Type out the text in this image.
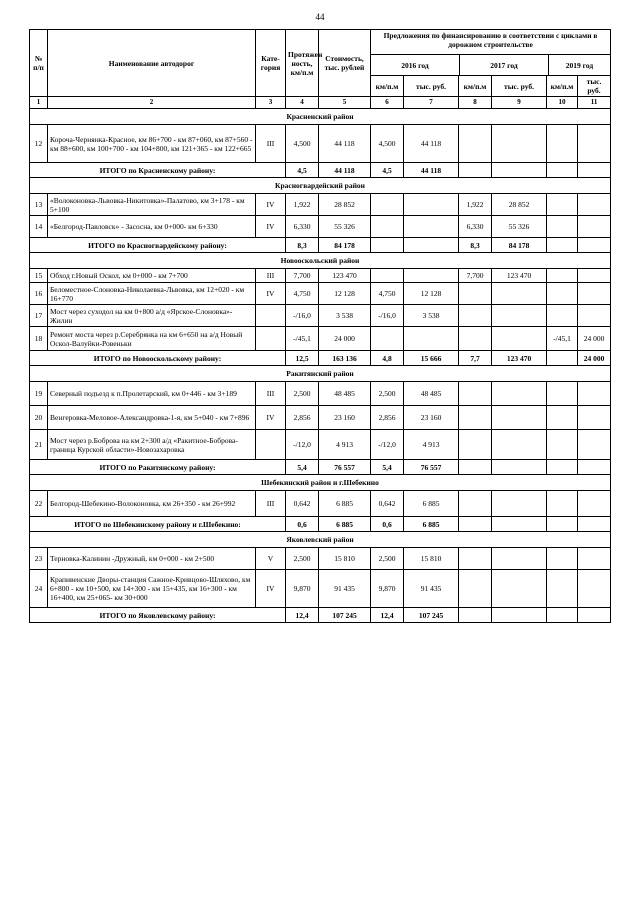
44
№ п/п	Наименование автодорог	Кате-гория	Протяжен ность, км/п.м	Стоимость, тыс. рублей	Предложения по финансированию в соответствии с циклами в дорожном строительстве
2016 год 2017 год 2019 год					

					км/п.м	тыс. руб.	км/п.м	тыс. руб.	км/п.м	тыс. руб.
1	2	3	4	5	6	7	8	9	10	11
Красненский район										
12	Короча-Чернянка-Красное, км 86+700 - км 87+060, км 87+560 - км 88+600, км 100+700 - км 104+800, км 121+365 - км 122+665	III	4,500	44 118	4,500	44 118				
ИТОГО по Красненскому району:			4,5	44 118	4,5	44 118				
Красногвардейский район										
13	«Волоконовка-Львовка-Никитовка»-Палатово, км 3+178 - км 5+100	IV	1,922	28 852			1,922	28 852		
14	«Белгород-Павловск» - Засосна, км 0+000- км 6+330	IV	6,330	55 326			6,330	55 326		
ИТОГО по Красногвардейскому району:			8,3	84 178			8,3	84 178		
Новооскольский район										
15	Обход г.Новый Оскол, км 0+000 - км 7+700	III	7,700	123 470			7,700	123 470		
16	Беломестное-Слоновка-Николаевка-Львовка, км 12+020 - км 16+770	IV	4,750	12 128	4,750	12 128				
17	Мост через суходол на км 0+800 а/д «Ярское-Слоновка»-Жилин		-/16,0	3 538	-/16,0	3 538				
18	Ремонт моста через р.Серебрянка на км 6+650 на а/д Новый Оскол-Валуйки-Ровеньки		-/45,1	24 000					-/45,1	24 000
ИТОГО по Новооскольскому району:			12,5	163 136	4,8	15 666	7,7	123 470		24 000
Ракитянский район										
19	Северный подъезд к п.Пролетарский, км 0+446 - км 3+189	III	2,500	48 485	2,500	48 485				
20	Венгеровка-Меловое-Александровка-1-я, км 5+040 - км 7+896	IV	2,856	23 160	2,856	23 160				
21	Мост через р.Боброва на км 2+300 а/д «Ракитное-Боброва-граница Курской области»-Новозахаровка		-/12,0	4 913	-/12,0	4 913				
ИТОГО по Ракитянскому району:			5,4	76 557	5,4	76 557				
Шебекинский район и г.Шебекино										
22	Белгород-Шебекино-Волоконовка, км 26+350 - км 26+992	III	0,642	6 885	0,642	6 885				
ИТОГО по Шебекинскому району и г.Шебекино:			0,6	6 885	0,6	6 885				
Яковлевский район										
23	Терновка-Калинин -Дружный, км 0+000 - км 2+500	V	2,500	15 810	2,500	15 810				
24	Крапивенские Дворы-станция Сажное-Кривцово-Шляхово, км 6+800 - км 10+500, км 14+300 - км 15+435, км 16+300 - км 16+400, км 25+065- км 30+000	IV	9,870	91 435	9,870	91 435				
ИТОГО по Яковлевскому району:			12,4	107 245	12,4	107 245				
